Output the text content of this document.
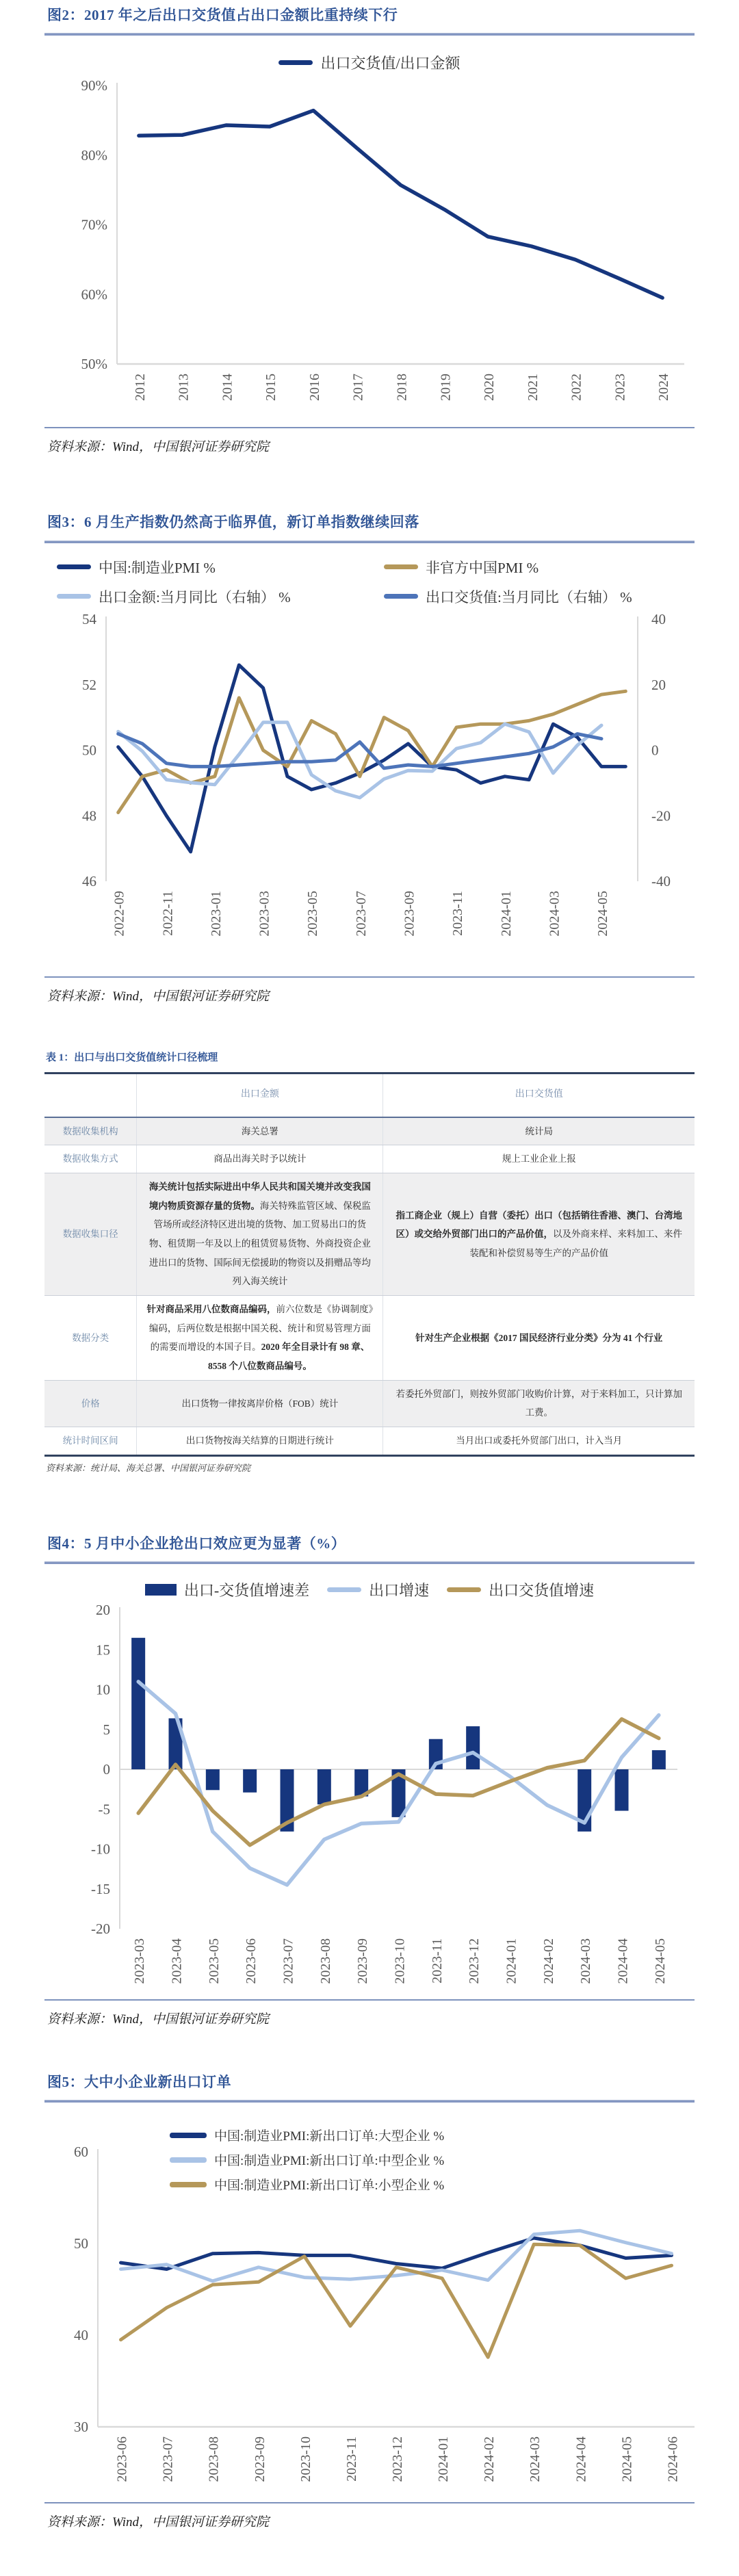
图2：2017 年之后出口交货值占出口金额比重持续下行
出口交货值/出口金额
90%
80%
70%
60%
50%
2012 2013 2014 2015 2016 2017 2018 2019 2020 2021 2022 2023 2024
资料来源：Wind，中国银河证券研究院
图3：6 月生产指数仍然高于临界值，新订单指数继续回落
中国:制造业PMI %	非官方中国PMI %
出口金额:当月同比（右轴） %	出口交货值:当月同比（右轴） %
54
52
50
48
46
40
20
0
-20
-40
2022-09 2022-11 2023-01 2023-03 2023-05 2023-07 2023-09 2023-11 2024-01 2024-03 2024-05
资料来源：Wind，中国银河证券研究院
表 1：出口与出口交货值统计口径梳理
	出口金额	出口交货值
数据收集机构	海关总署	统计局
数据收集方式	商品出海关时予以统计	规上工业企业上报
数据收集口径	海关统计包括实际进出中华人民共和国关境并改变我国境内物质资源存量的货物。海关特殊监管区域、保税监管场所或经济特区进出境的货物、加工贸易出口的货物、租赁期一年及以上的租赁贸易货物、外商投资企业进出口的货物、国际间无偿援助的物资以及捐赠品等均列入海关统计	指工商企业（规上）自营（委托）出口（包括销往香港、澳门、台湾地区）或交给外贸部门出口的产品价值，以及外商来样、来料加工、来件装配和补偿贸易等生产的产品价值
数据分类	针对商品采用八位数商品编码，前六位数是《协调制度》编码，后两位数是根据中国关税、统计和贸易管理方面的需要而增设的本国子目。2020 年全目录计有 98 章、8558 个八位数商品编号。	针对生产企业根据《2017 国民经济行业分类》分为 41 个行业
价格	出口货物一律按离岸价格（FOB）统计	若委托外贸部门，则按外贸部门收购价计算，对于来料加工，只计算加工费。
统计时间区间	出口货物按海关结算的日期进行统计	当月出口或委托外贸部门出口，计入当月
资料来源：统计局、海关总署、中国银河证券研究院
图4：5 月中小企业抢出口效应更为显著（%）
出口-交货值增速差	出口增速	出口交货值增速
20
15
10
5
0
-5
-10
-15
-20
2023-03 2023-04 2023-05 2023-06 2023-07 2023-08 2023-09 2023-10 2023-11 2023-12 2024-01 2024-02 2024-03 2024-04 2024-05
资料来源：Wind，中国银河证券研究院
图5：大中小企业新出口订单
中国:制造业PMI:新出口订单:大型企业 %
中国:制造业PMI:新出口订单:中型企业 %
中国:制造业PMI:新出口订单:小型企业 %
60
50
40
30
2023-06 2023-07 2023-08 2023-09 2023-10 2023-11 2023-12 2024-01 2024-02 2024-03 2024-04 2024-05 2024-06
资料来源：Wind，中国银河证券研究院
